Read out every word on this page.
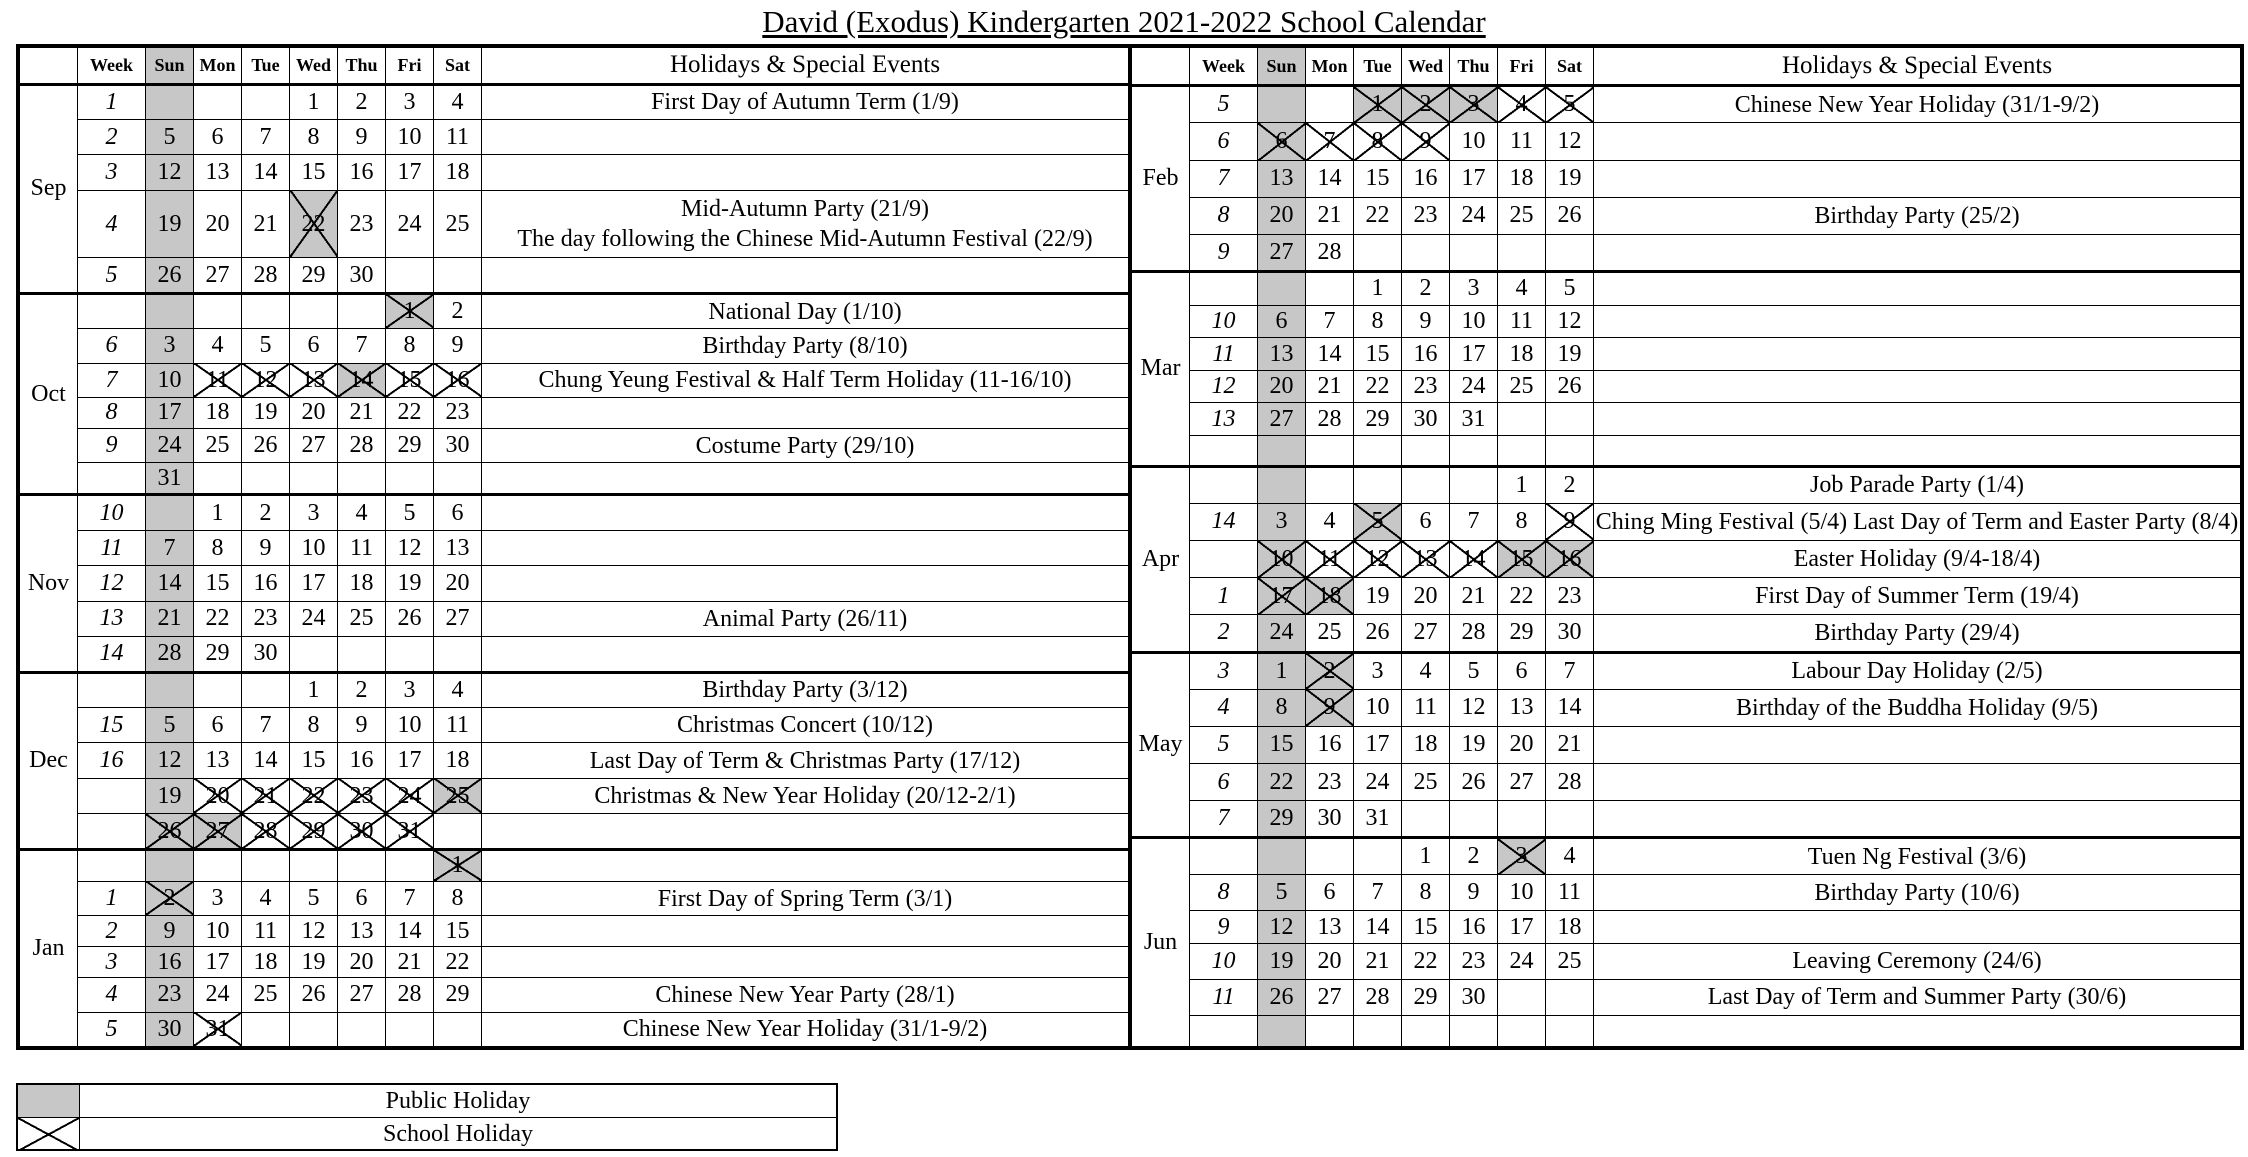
David (Exodus) Kindergarten 2021-2022 School Calendar
	Week	Sun	Mon	Tue	Wed	Thu	Fri	Sat	Holidays & Special Events
Sep	1				1	2	3	4	First Day of Autumn Term (1/9)

	2	5	6	7	8	9	10	11	
	3	12	13	14	15	16	17	18	
	4	19	20	21	22	23	24	25	Mid-Autumn Party (21/9)
The day following the Chinese Mid-Autumn Festival (22/9)

	5	26	27	28	29	30			
Oct							1	2	National Day (1/10)

	6	3	4	5	6	7	8	9	Birthday Party (8/10)

	7	10	11	12	13	14	15	16	Chung Yeung Festival & Half Term Holiday (11-16/10)

	8	17	18	19	20	21	22	23	
	9	24	25	26	27	28	29	30	Costume Party (29/10)

		31							
Nov	10		1	2	3	4	5	6	
	11	7	8	9	10	11	12	13	
	12	14	15	16	17	18	19	20	
	13	21	22	23	24	25	26	27	Animal Party (26/11)

	14	28	29	30					
Dec					1	2	3	4	Birthday Party (3/12)

	15	5	6	7	8	9	10	11	Christmas Concert (10/12)

	16	12	13	14	15	16	17	18	Last Day of Term & Christmas Party (17/12)

		19	20	21	22	23	24	25	Christmas & New Year Holiday (20/12-2/1)

		26	27	28	29	30	31		
Jan								1	
	1	2	3	4	5	6	7	8	First Day of Spring Term (3/1)

	2	9	10	11	12	13	14	15	
	3	16	17	18	19	20	21	22	
	4	23	24	25	26	27	28	29	Chinese New Year Party (28/1)

	5	30	31						Chinese New Year Holiday (31/1-9/2)
	Week	Sun	Mon	Tue	Wed	Thu	Fri	Sat	Holidays & Special Events
Feb	5			1	2	3	4	5	Chinese New Year Holiday (31/1-9/2)

	6	6	7	8	9	10	11	12	
	7	13	14	15	16	17	18	19	
	8	20	21	22	23	24	25	26	Birthday Party (25/2)

	9	27	28						
Mar				1	2	3	4	5	
	10	6	7	8	9	10	11	12	
	11	13	14	15	16	17	18	19	
	12	20	21	22	23	24	25	26	
	13	27	28	29	30	31			

Apr							1	2	Job Parade Party (1/4)

	14	3	4	5	6	7	8	9	Ching Ming Festival (5/4) Last Day of Term and Easter Party (8/4)

		10	11	12	13	14	15	16	Easter Holiday (9/4-18/4)

	1	17	18	19	20	21	22	23	First Day of Summer Term (19/4)

	2	24	25	26	27	28	29	30	Birthday Party (29/4)

May	3	1	2	3	4	5	6	7	Labour Day Holiday (2/5)

	4	8	9	10	11	12	13	14	Birthday of the Buddha Holiday (9/5)

	5	15	16	17	18	19	20	21	
	6	22	23	24	25	26	27	28	
	7	29	30	31					
Jun					1	2	3	4	Tuen Ng Festival (3/6)

	8	5	6	7	8	9	10	11	Birthday Party (10/6)

	9	12	13	14	15	16	17	18	
	10	19	20	21	22	23	24	25	Leaving Ceremony (24/6)

	11	26	27	28	29	30			Last Day of Term and Summer Party (30/6)

Public Holiday
School Holiday
